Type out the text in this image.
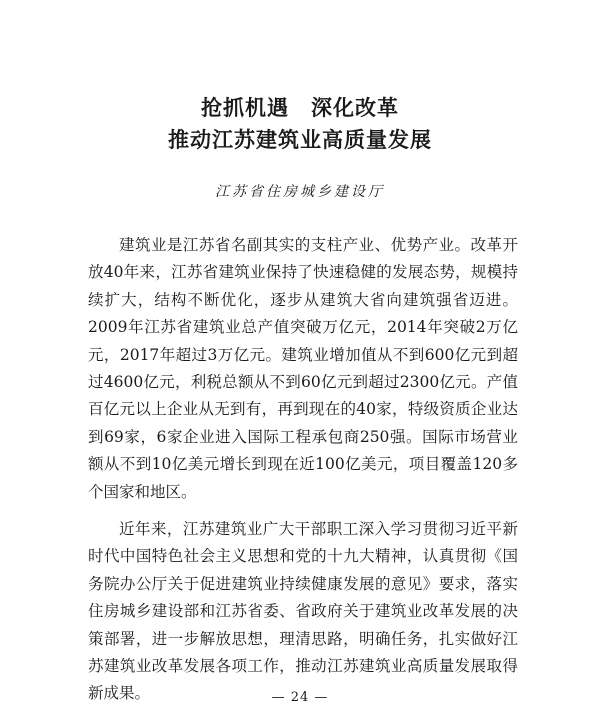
抢抓机遇　深化改革
推动江苏建筑业高质量发展

江苏省住房城乡建设厅

建筑业是江苏省名副其实的支柱产业、优势产业。改革开放40年来，江苏省建筑业保持了快速稳健的发展态势，规模持续扩大，结构不断优化，逐步从建筑大省向建筑强省迈进。2009年江苏省建筑业总产值突破万亿元，2014年突破2万亿元，2017年超过3万亿元。建筑业增加值从不到600亿元到超过4600亿元，利税总额从不到60亿元到超过2300亿元。产值百亿元以上企业从无到有，再到现在的40家，特级资质企业达到69家，6家企业进入国际工程承包商250强。国际市场营业额从不到10亿美元增长到现在近100亿美元，项目覆盖120多个国家和地区。

近年来，江苏建筑业广大干部职工深入学习贯彻习近平新时代中国特色社会主义思想和党的十九大精神，认真贯彻《国务院办公厅关于促进建筑业持续健康发展的意见》要求，落实住房城乡建设部和江苏省委、省政府关于建筑业改革发展的决策部署，进一步解放思想，理清思路，明确任务，扎实做好江苏建筑业改革发展各项工作，推动江苏建筑业高质量发展取得新成果。	— 24 —
